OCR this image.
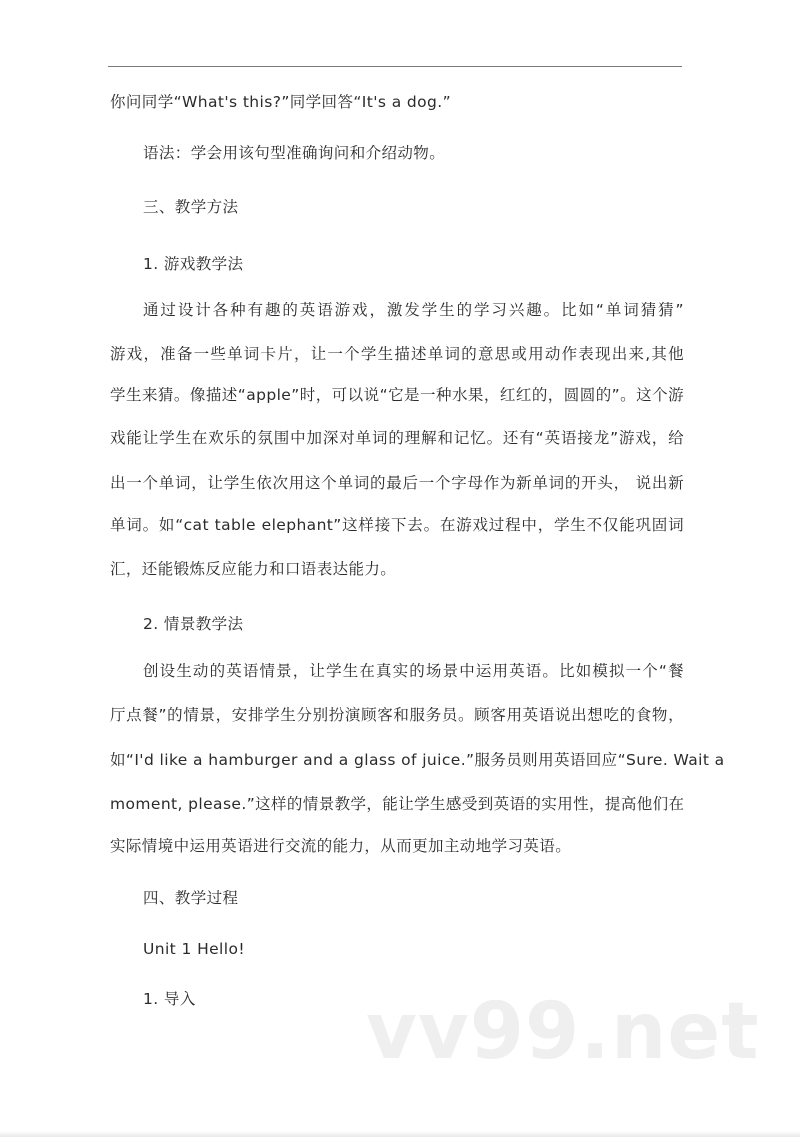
你问同学“What's this?”同学回答“It's a dog.”
语法：学会用该句型准确询问和介绍动物。
三、教学方法
1. 游戏教学法
通过设计各种有趣的英语游戏，激发学生的学习兴趣。比如“单词猜猜”
游戏，准备一些单词卡片，让一个学生描述单词的意思或用动作表现出来,其他
学生来猜。像描述“apple”时，可以说“它是一种水果，红红的，圆圆的”。这个游
戏能让学生在欢乐的氛围中加深对单词的理解和记忆。还有“英语接龙”游戏，给
出一个单词，让学生依次用这个单词的最后一个字母作为新单词的开头， 说出新
单词。如“cat table elephant”这样接下去。在游戏过程中，学生不仅能巩固词
汇，还能锻炼反应能力和口语表达能力。
2. 情景教学法
创设生动的英语情景，让学生在真实的场景中运用英语。比如模拟一个“餐
厅点餐”的情景，安排学生分别扮演顾客和服务员。顾客用英语说出想吃的食物，
如“I'd like a hamburger and a glass of juice.”服务员则用英语回应“Sure. Wait a
moment, please.”这样的情景教学，能让学生感受到英语的实用性，提高他们在
实际情境中运用英语进行交流的能力，从而更加主动地学习英语。
四、教学过程
Unit 1 Hello!
1. 导入	vv99.net
